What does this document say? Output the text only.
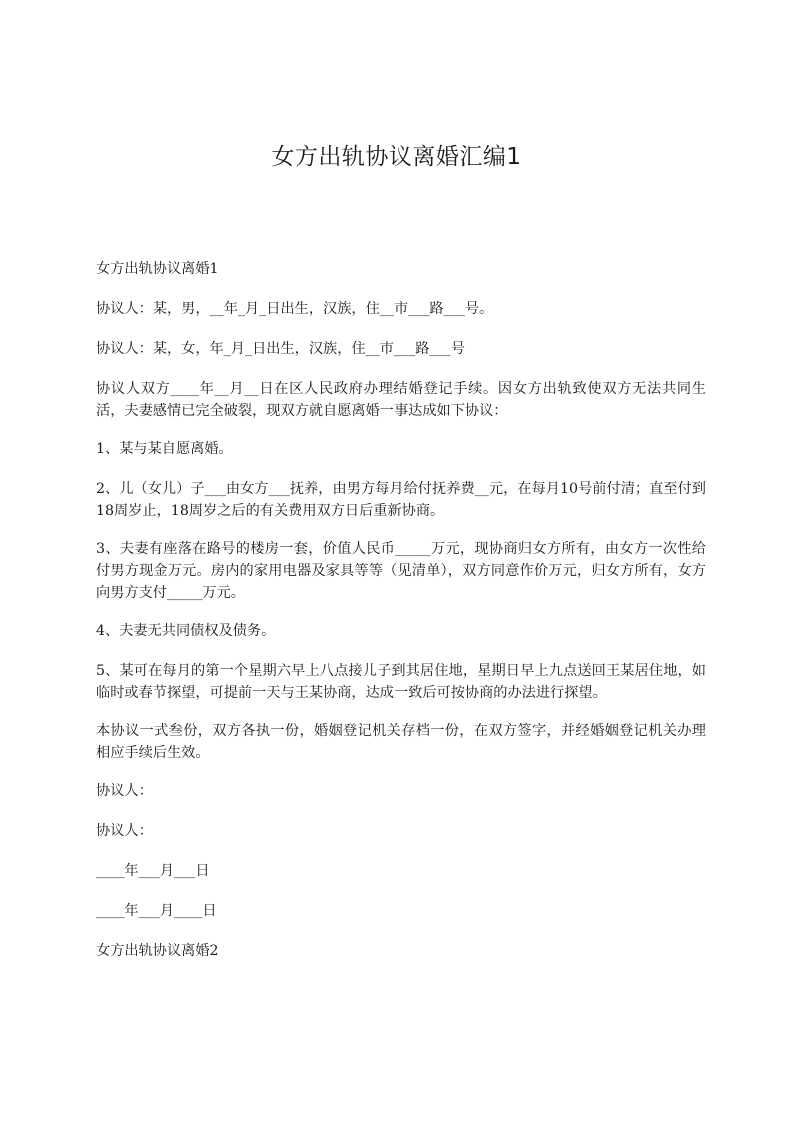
女方出轨协议离婚汇编1

女方出轨协议离婚1

协议人：某，男，__年_月_日出生，汉族，住__市___路___号。

协议人：某，女，年_月_日出生，汉族，住__市___路___号

协议人双方____年__月__日在区人民政府办理结婚登记手续。因女方出轨致使双方无法共同生活，夫妻感情已完全破裂，现双方就自愿离婚一事达成如下协议：

1、某与某自愿离婚。

2、儿（女儿）子___由女方___抚养，由男方每月给付抚养费__元，在每月10号前付清；直至付到18周岁止，18周岁之后的有关费用双方日后重新协商。

3、夫妻有座落在路号的楼房一套，价值人民币_____万元，现协商归女方所有，由女方一次性给付男方现金万元。房内的家用电器及家具等等（见清单），双方同意作价万元，归女方所有，女方向男方支付_____万元。

4、夫妻无共同债权及债务。

5、某可在每月的第一个星期六早上八点接儿子到其居住地，星期日早上九点送回王某居住地，如临时或春节探望，可提前一天与王某协商，达成一致后可按协商的办法进行探望。

本协议一式叁份，双方各执一份，婚姻登记机关存档一份，在双方签字，并经婚姻登记机关办理相应手续后生效。

协议人：

协议人：

____年___月___日

____年___月____日

女方出轨协议离婚2
